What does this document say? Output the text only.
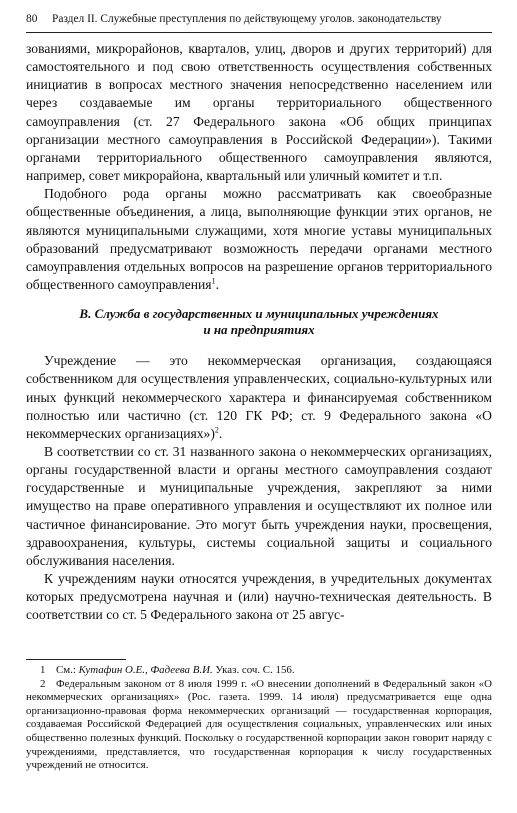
80 Раздел II. Служебные преступления по действующему уголов. законодательству

зованиями, микрорайонов, кварталов, улиц, дворов и других территорий) для самостоятельного и под свою ответственность осуществления собственных инициатив в вопросах местного значения непосредственно населением или через создаваемые им органы территориального общественного самоуправления (ст. 27 Федерального закона «Об общих принципах организации местного самоуправления в Российской Федерации»). Такими органами территориального общественного самоуправления являются, например, совет микрорайона, квартальный или уличный комитет и т.п.

Подобного рода органы можно рассматривать как своеобразные общественные объединения, а лица, выполняющие функции этих органов, не являются муниципальными служащими, хотя многие уставы муниципальных образований предусматривают возможность передачи органами местного самоуправления отдельных вопросов на разрешение органов территориального общественного самоуправления$^1$.

В. Служба в государственных и муниципальных учреждениях
и на предприятиях

Учреждение — это некоммерческая организация, создающаяся собственником для осуществления управленческих, социально-культурных или иных функций некоммерческого характера и финансируемая собственником полностью или частично (ст. 120 ГК РФ; ст. 9 Федерального закона «О некоммерческих организациях»)$^2$.

В соответствии со ст. 31 названного закона о некоммерческих организациях, органы государственной власти и органы местного самоуправления создают государственные и муниципальные учреждения, закрепляют за ними имущество на праве оперативного управления и осуществляют их полное или частичное финансирование. Это могут быть учреждения науки, просвещения, здравоохранения, культуры, системы социальной защиты и социального обслуживания населения.

К учреждениям науки относятся учреждения, в учредительных документах которых предусмотрена научная и (или) научно-техническая деятельность. В соответствии со ст. 5 Федерального закона от 25 авгус-

1 См.: Кутафин О.Е., Фадеева В.И. Указ. соч. С. 156.

2 Федеральным законом от 8 июля 1999 г. «О внесении дополнений в Федеральный закон «О некоммерческих организациях» (Рос. газета. 1999. 14 июля) предусматривается еще одна организационно-правовая форма некоммерческих организаций — государственная корпорация, создаваемая Российской Федерацией для осуществления социальных, управленческих или иных общественно полезных функций. Поскольку о государственной корпорации закон говорит наряду с учреждениями, представляется, что государственная корпорация к числу государственных учреждений не относится.
